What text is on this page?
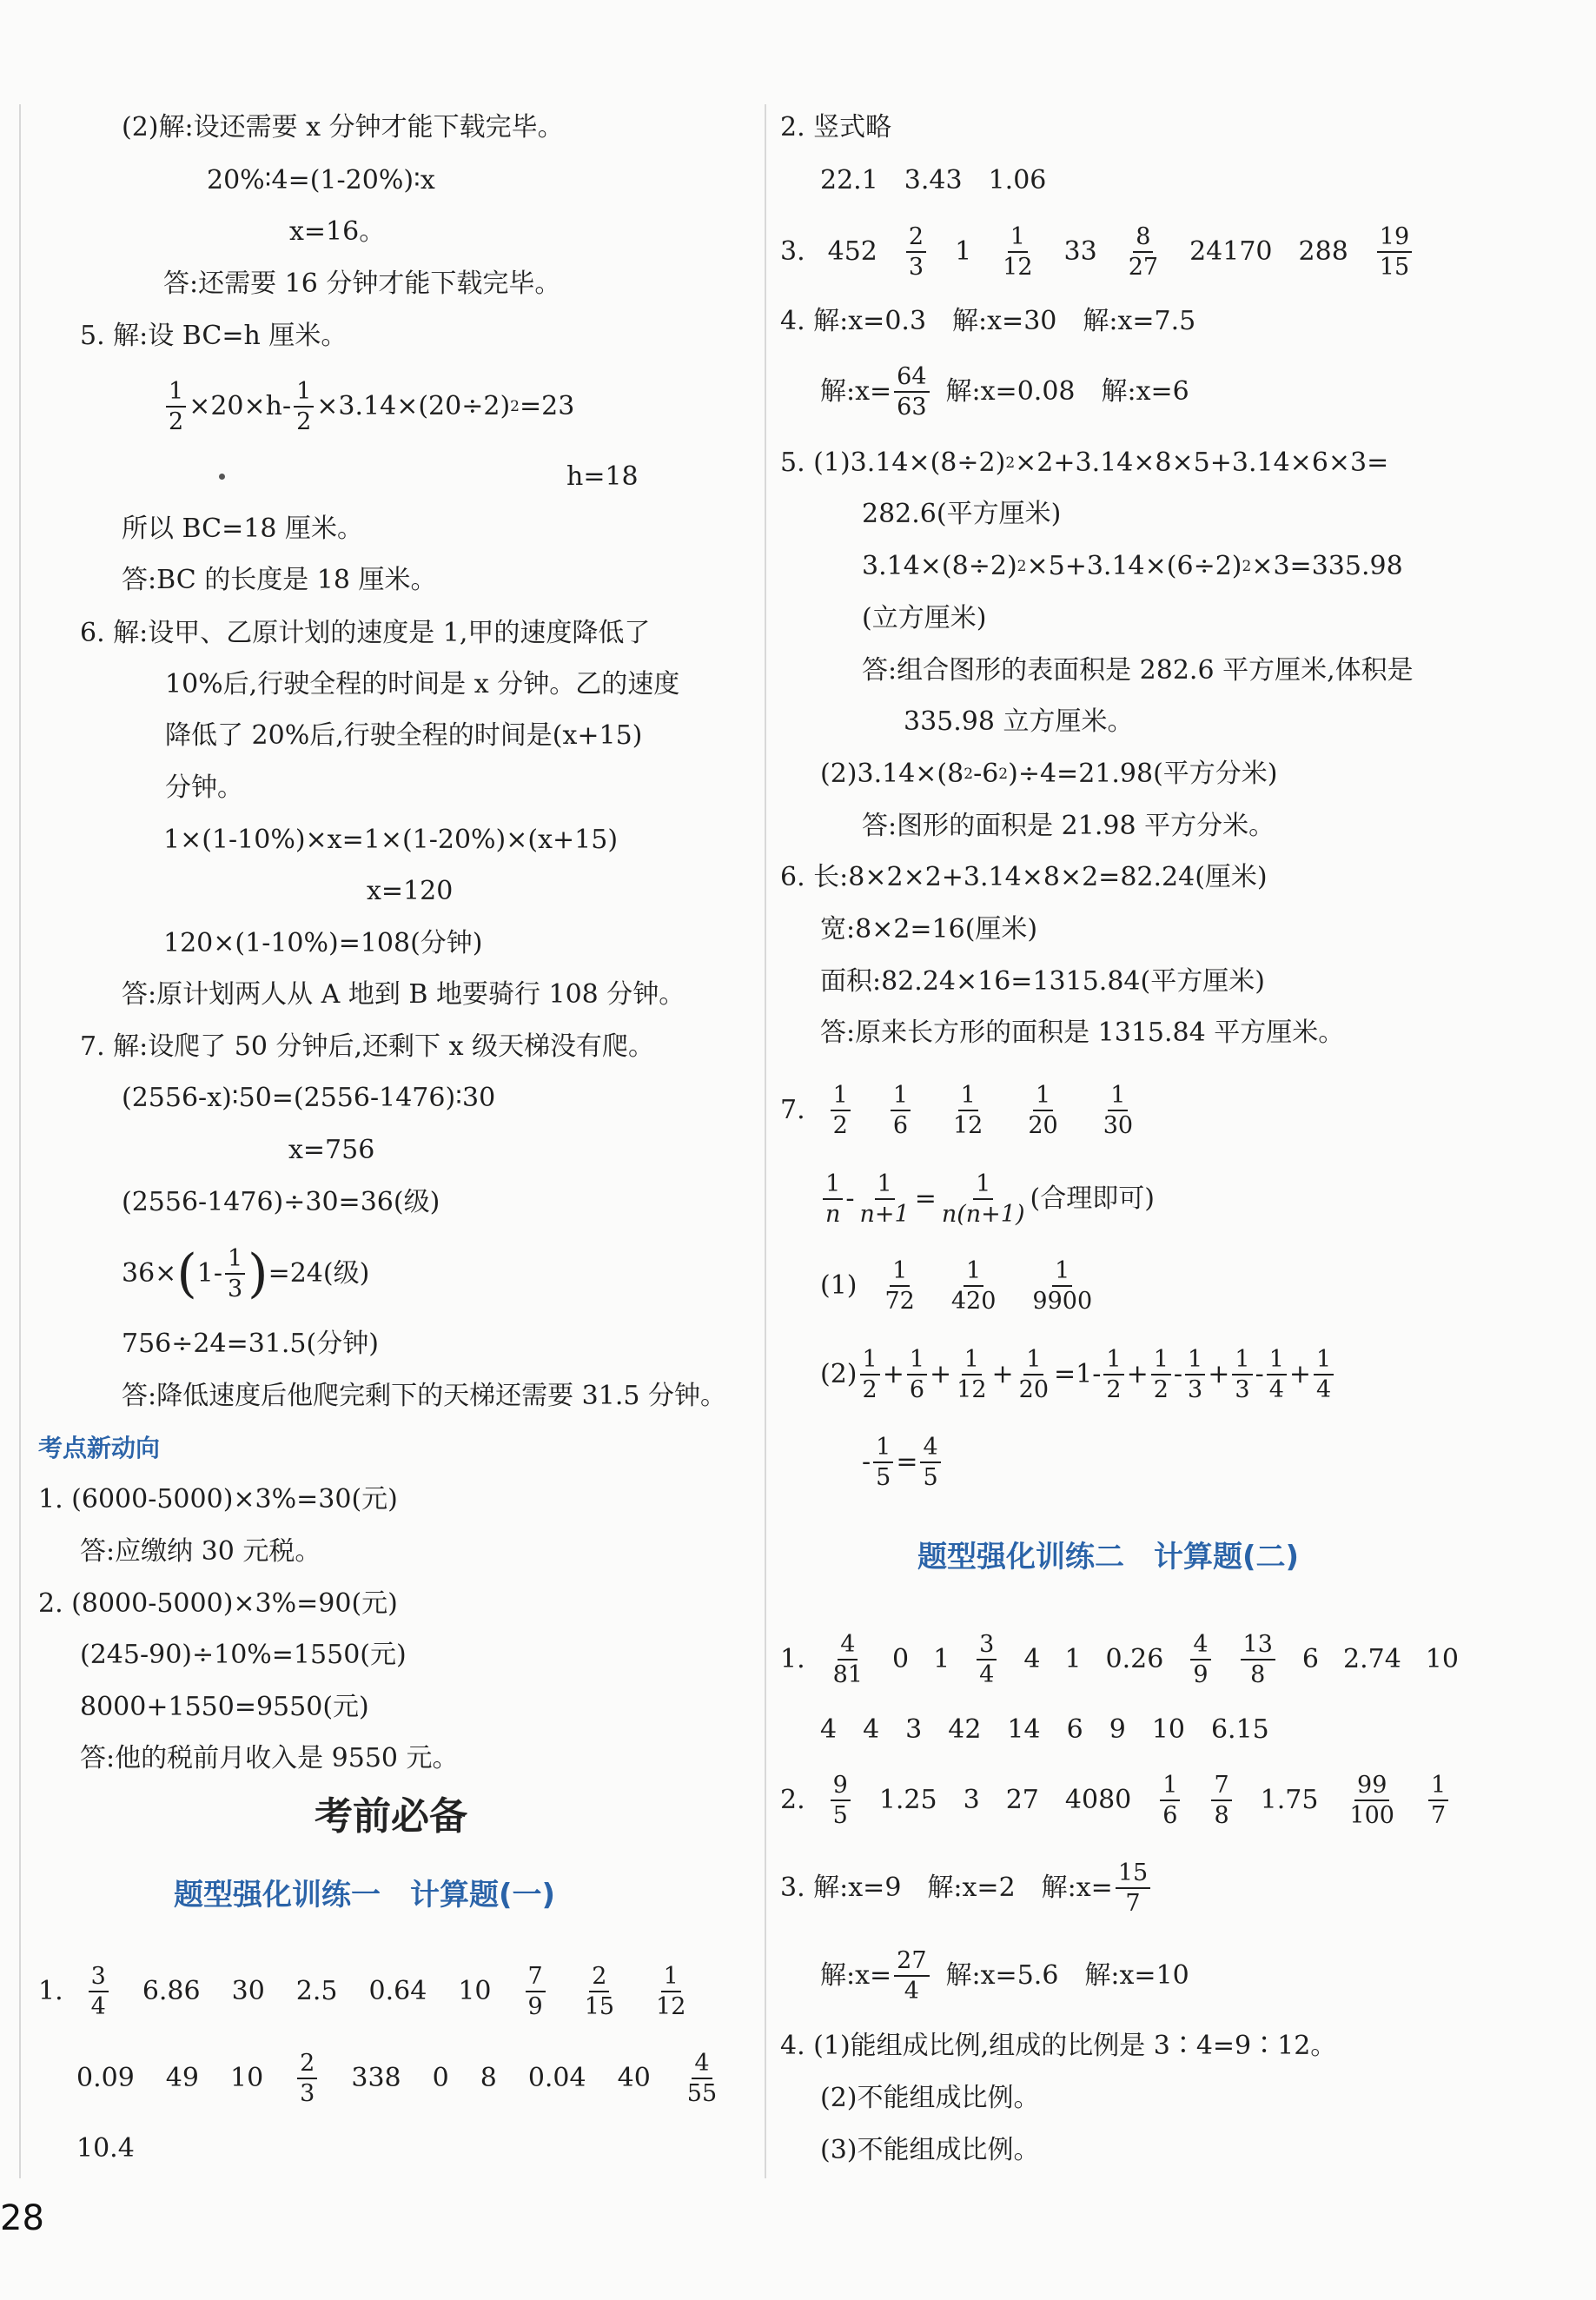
(2)解:设还需要 x 分钟才能下载完毕。
20%∶4=(1-20%)∶x
x=16。
答:还需要 16 分钟才能下载完毕。
5. 解:设 BC=h 厘米。
$\frac{1}{2} \times 20\times h- \frac{1}{2} \times 3.14\times(20\div 2)$ 2 =23
h=18
所以 BC=18 厘米。
答:BC 的长度是 18 厘米。
6. 解:设甲、乙原计划的速度是 1,甲的速度降低了
10%后,行驶全程的时间是 x 分钟。乙的速度
降低了 20%后,行驶全程的时间是(x+15)
分钟。
1×(1-10%)×x=1×(1-20%)×(x+15)
x=120
120×(1-10%)=108(分钟)
答:原计划两人从 A 地到 B 地要骑行 108 分钟。
7. 解:设爬了 50 分钟后,还剩下 x 级天梯没有爬。
(2556-x)∶50=(2556-1476)∶30
x=756
(2556-1476)÷30=36(级)
36× ( $1- \frac{1}{3}$ ) =24(级)
756÷24=31.5(分钟)
答:降低速度后他爬完剩下的天梯还需要 31.5 分钟。
考点新动向
1. (6000-5000)×3%=30(元)
答:应缴纳 30 元税。
2. (8000-5000)×3%=90(元)
(245-90)÷10%=1550(元)
8000+1550=9550(元)
答:他的税前月收入是 9550 元。
考前必备
题型强化训练一　计算题(一)
1. $\frac{3}{4} 6.86$ 30 2.5 0.64 $10 \frac{7}{9} \frac{2}{15} \frac{1}{12}$
0.09 49 $10 \frac{2}{3} 338$ 0 8 0.04 $40 \frac{4}{55}$
10.4
2. 竖式略
22.1　3.43　1.06
3. $452 \frac{2}{3} 1 \frac{1}{12} 33 \frac{8}{27} 24170$ $288 \frac{19}{15}$
4. 解:x=0.3　解:x=30　解:x=7.5
解:x= $\frac{64}{63}$ 解:x=0.08　解:x=6
5. (1)3.14×(8÷2) 2 ×2+3.14×8×5+3.14×6×3=
282.6(平方厘米)
3.14×(8÷2) 2 ×5+3.14×(6÷2) 2 ×3=335.98
(立方厘米)
答:组合图形的表面积是 282.6 平方厘米,体积是
335.98 立方厘米。
(2)3.14×(8 2 -6 2 )÷4=21.98(平方分米)
答:图形的面积是 21.98 平方分米。
6. 长:8×2×2+3.14×8×2=82.24(厘米)
宽:8×2=16(厘米)
面积:82.24×16=1315.84(平方厘米)
答:原来长方形的面积是 1315.84 平方厘米。
7. $\frac{1}{2} \frac{1}{6} \frac{1}{12} \frac{1}{20} \frac{1}{30}$
$\frac{1}{n} - \frac{1}{n+1} = \frac{1}{n(n+1)}$ (合理即可)
$(1) \frac{1}{72} \frac{1}{420} \frac{1}{9900}$
$(2) \frac{1}{2} + \frac{1}{6} + \frac{1}{12} + \frac{1}{20} =1- \frac{1}{2} + \frac{1}{2} - \frac{1}{3} + \frac{1}{3} - \frac{1}{4} + \frac{1}{4}$
- $\frac{1}{5} = \frac{4}{5}$
题型强化训练二　计算题(二)
1. $\frac{4}{81} 0$ $1 \frac{3}{4} 4$ 1 $0.26 \frac{4}{9} \frac{13}{8} 6$ 2.74 10
4　4　3　42　14　6　9　10　6.15
2. $\frac{9}{5} 1.25$ 3 27 $4080 \frac{1}{6} \frac{7}{8} 1.75 \frac{99}{100} \frac{1}{7}$
3. 解:x=9　解:x=2　解:x= $\frac{15}{7}$
解:x= $\frac{27}{4}$ 解:x=5.6　解:x=10
4. (1)能组成比例,组成的比例是 3∶4=9∶12。
(2)不能组成比例。
(3)不能组成比例。
28
